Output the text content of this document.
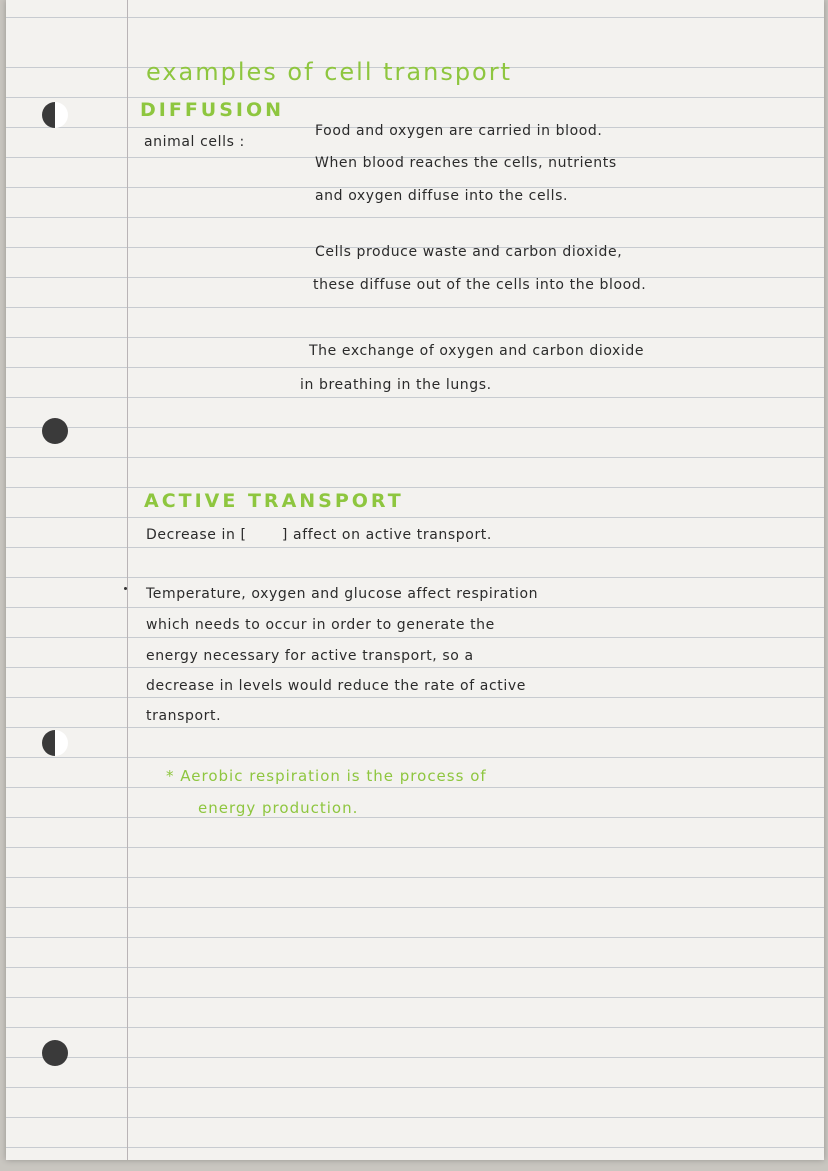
examples of cell transport
DIFFUSION
animal cells :
Food and oxygen are carried in blood.
When blood reaches the cells, nutrients
and oxygen diffuse into the cells.
Cells produce waste and carbon dioxide,
these diffuse out of the cells into the blood.
The exchange of oxygen and carbon dioxide
in breathing in the lungs.
ACTIVE TRANSPORT
Decrease in [       ] affect on active transport.
Temperature, oxygen and glucose affect respiration
which needs to occur in order to generate the
energy necessary for active transport, so a
decrease in levels would reduce the rate of active
transport.
* Aerobic respiration is the process of
energy production.
